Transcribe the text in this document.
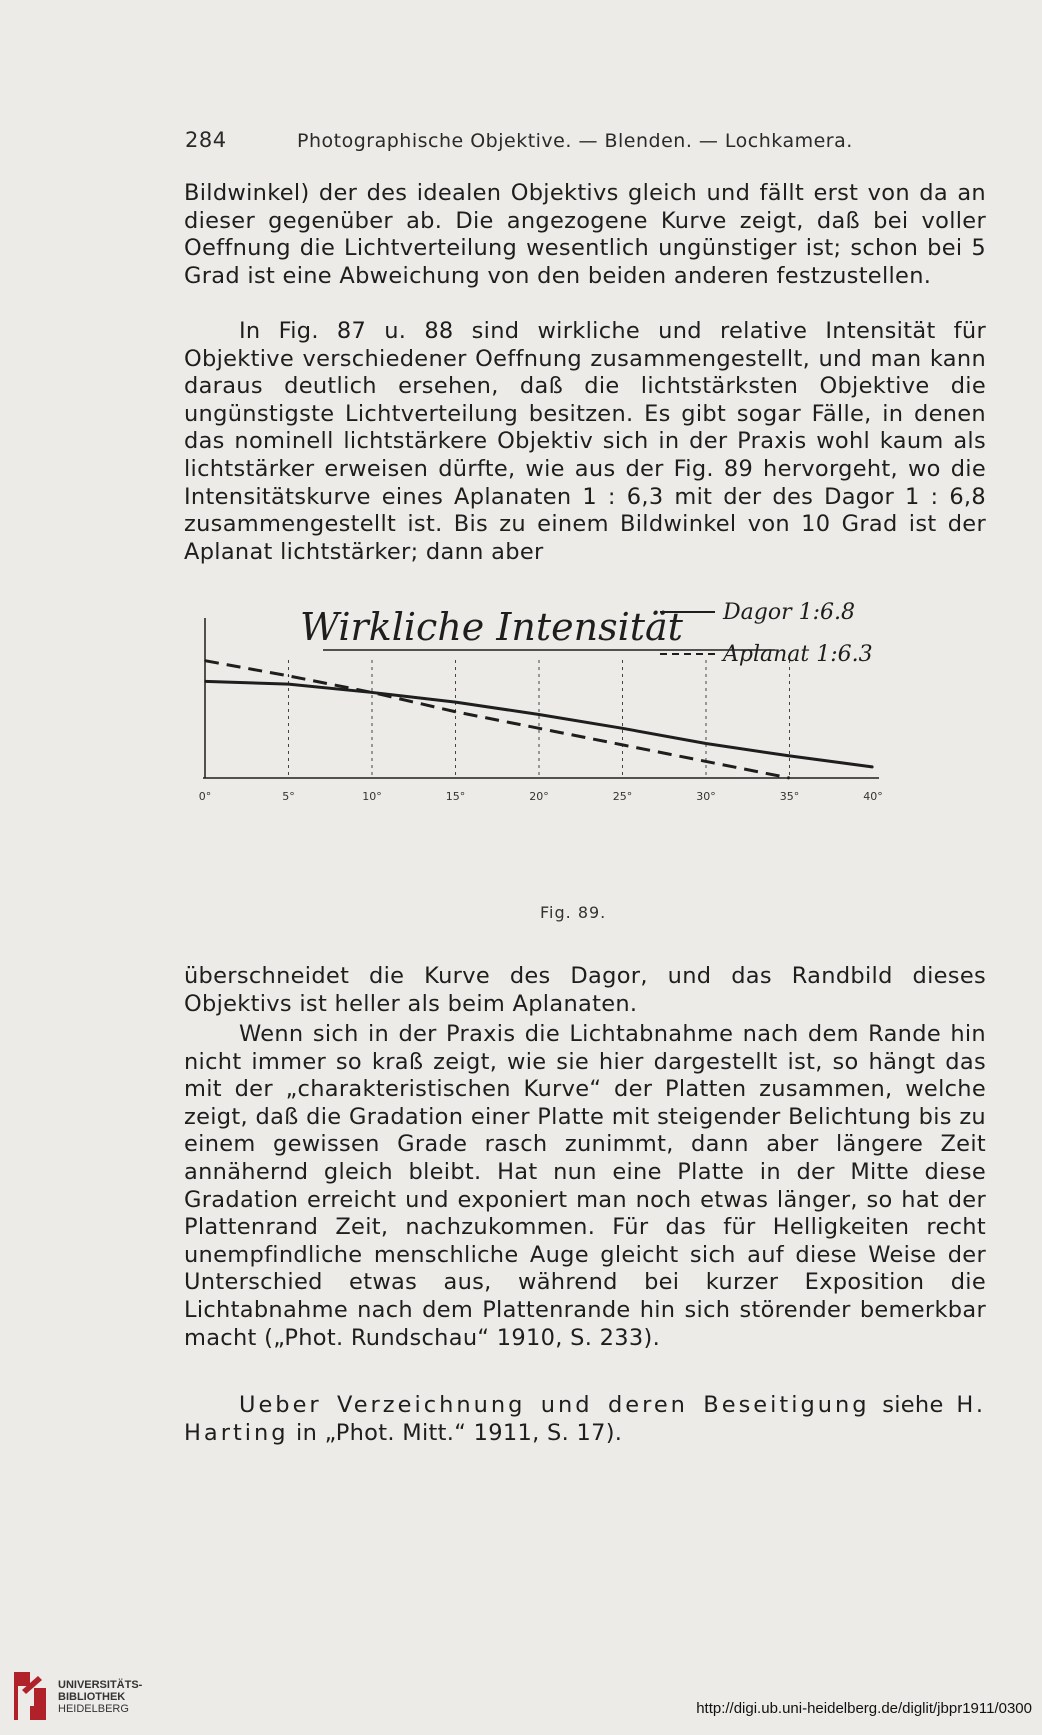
284	Photographische Objektive. — Blenden. — Lochkamera.

Bildwinkel) der des idealen Objektivs gleich und fällt erst von da an dieser gegenüber ab. Die angezogene Kurve zeigt, daß bei voller Oeffnung die Lichtverteilung wesentlich ungünstiger ist; schon bei 5 Grad ist eine Abweichung von den beiden anderen festzustellen.

In Fig. 87 u. 88 sind wirkliche und relative Intensität für Objektive verschiedener Oeffnung zusammengestellt, und man kann daraus deutlich ersehen, daß die lichtstärksten Objektive die ungünstigste Lichtverteilung besitzen. Es gibt sogar Fälle, in denen das nominell lichtstärkere Objektiv sich in der Praxis wohl kaum als lichtstärker erweisen dürfte, wie aus der Fig. 89 hervorgeht, wo die Intensitätskurve eines Aplanaten 1 : 6,3 mit der des Dagor 1 : 6,8 zusammengestellt ist. Bis zu einem Bildwinkel von 10 Grad ist der Aplanat lichtstärker; dann aber

Wirkliche Intensität
0°	5°	10°	15°	20°	25°	30°	35°	40°
Dagor 1:6.8
Aplanat 1:6.3
Fig. 89.

überschneidet die Kurve des Dagor, und das Randbild dieses Objektivs ist heller als beim Aplanaten.

Wenn sich in der Praxis die Lichtabnahme nach dem Rande hin nicht immer so kraß zeigt, wie sie hier dargestellt ist, so hängt das mit der „charakteristischen Kurve“ der Platten zusammen, welche zeigt, daß die Gradation einer Platte mit steigender Belichtung bis zu einem gewissen Grade rasch zunimmt, dann aber längere Zeit annähernd gleich bleibt. Hat nun eine Platte in der Mitte diese Gradation erreicht und exponiert man noch etwas länger, so hat der Plattenrand Zeit, nachzukommen. Für das für Helligkeiten recht unempfindliche menschliche Auge gleicht sich auf diese Weise der Unterschied etwas aus, während bei kurzer Exposition die Lichtabnahme nach dem Plattenrande hin sich störender bemerkbar macht („Phot. Rundschau“ 1910, S. 233).

Ueber Verzeichnung und deren Beseitigung siehe H. Harting in „Phot. Mitt.“ 1911, S. 17).

UNIVERSITÄTS-
BIBLIOTHEK
HEIDELBERG	http://digi.ub.uni-heidelberg.de/diglit/jbpr1911/0300
